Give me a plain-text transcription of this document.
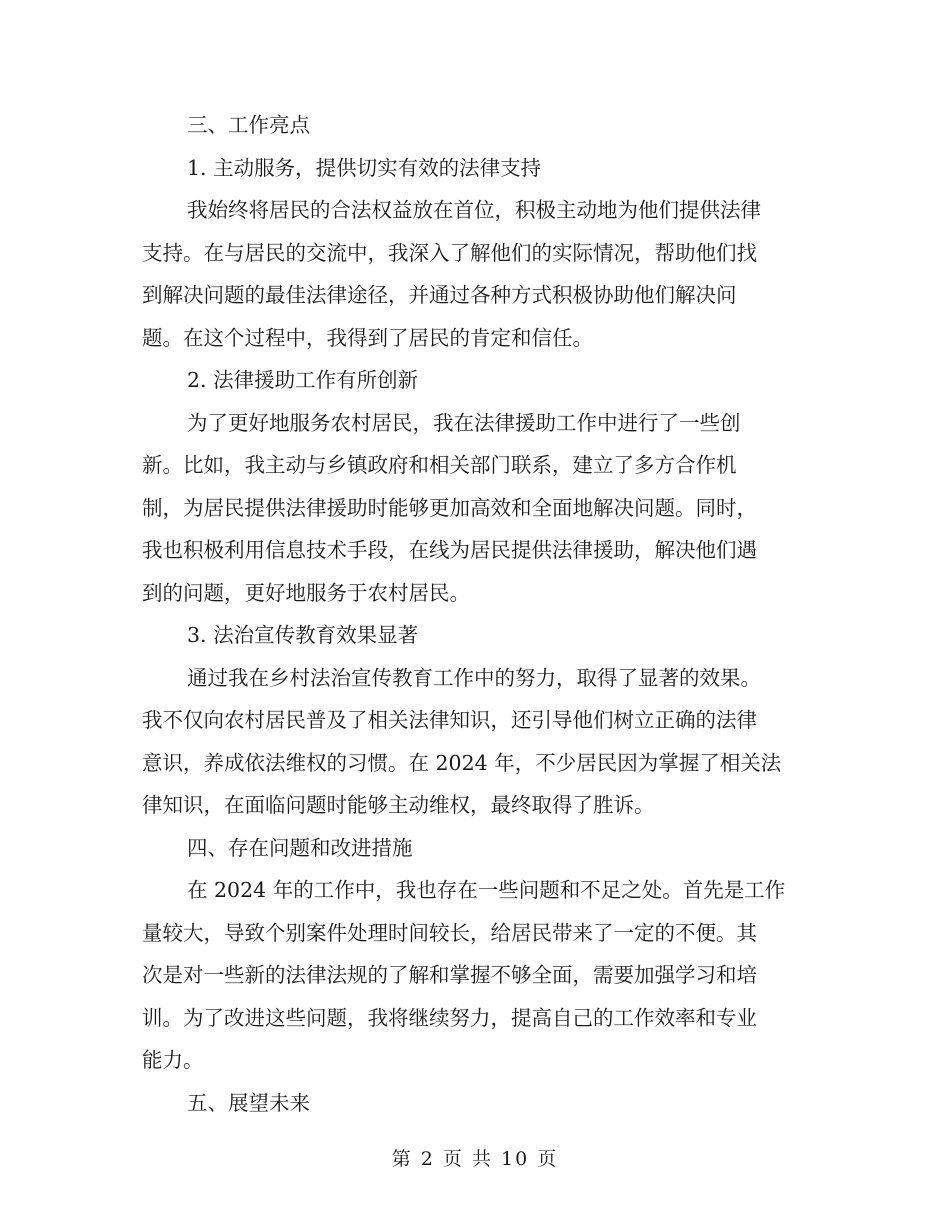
三、工作亮点
1. 主动服务，提供切实有效的法律支持
我始终将居民的合法权益放在首位，积极主动地为他们提供法律
支持。在与居民的交流中，我深入了解他们的实际情况，帮助他们找
到解决问题的最佳法律途径，并通过各种方式积极协助他们解决问
题。在这个过程中，我得到了居民的肯定和信任。
2. 法律援助工作有所创新
为了更好地服务农村居民，我在法律援助工作中进行了一些创
新。比如，我主动与乡镇政府和相关部门联系，建立了多方合作机
制，为居民提供法律援助时能够更加高效和全面地解决问题。同时，
我也积极利用信息技术手段，在线为居民提供法律援助，解决他们遇
到的问题，更好地服务于农村居民。
3. 法治宣传教育效果显著
通过我在乡村法治宣传教育工作中的努力，取得了显著的效果。
我不仅向农村居民普及了相关法律知识，还引导他们树立正确的法律
意识，养成依法维权的习惯。在 2024 年，不少居民因为掌握了相关法
律知识，在面临问题时能够主动维权，最终取得了胜诉。
四、存在问题和改进措施
在 2024 年的工作中，我也存在一些问题和不足之处。首先是工作
量较大，导致个别案件处理时间较长，给居民带来了一定的不便。其
次是对一些新的法律法规的了解和掌握不够全面，需要加强学习和培
训。为了改进这些问题，我将继续努力，提高自己的工作效率和专业
能力。
五、展望未来
第 2 页 共 10 页
